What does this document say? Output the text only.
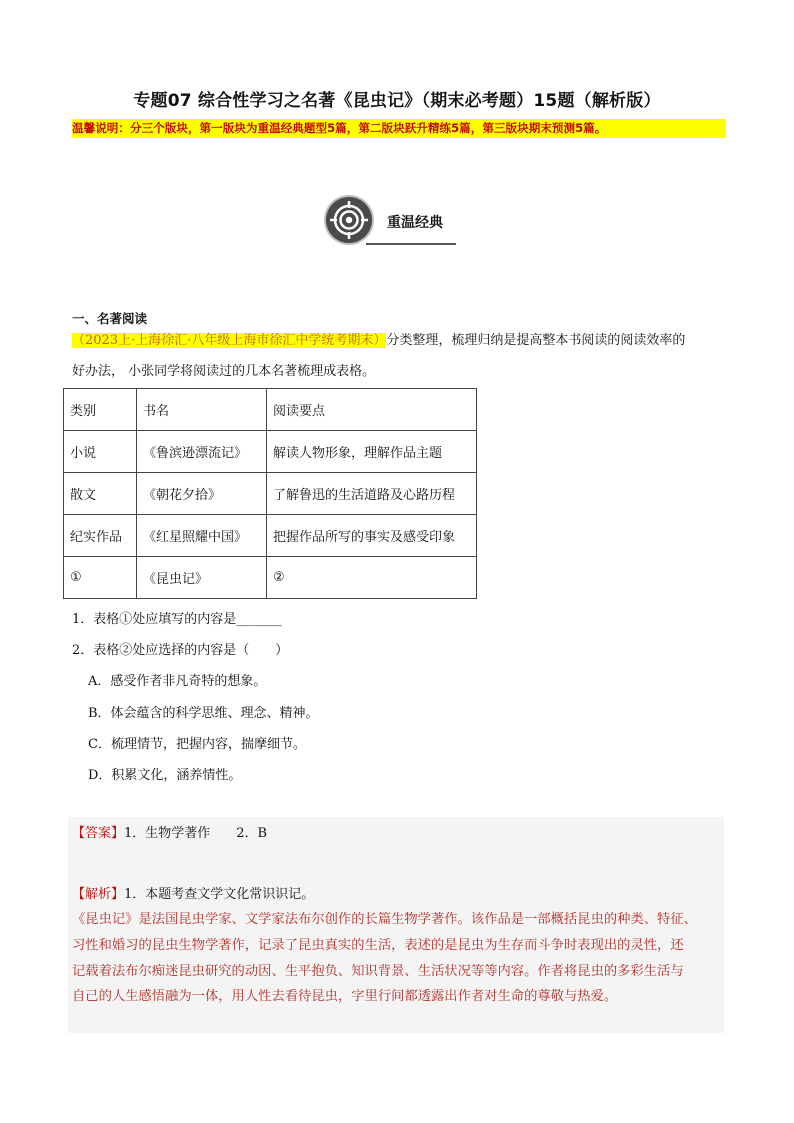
专题07 综合性学习之名著《昆虫记》（期末必考题）15题（解析版）
温馨说明：分三个版块，第一版块为重温经典题型5篇，第二版块跃升精练5篇，第三版块期末预测5篇。
重温经典
一、名著阅读
（2023上·上海徐汇·八年级上海市徐汇中学统考期末）分类整理，梳理归纳是提高整本书阅读的阅读效率的
好办法， 小张同学将阅读过的几本名著梳理成表格。
类别	书名	阅读要点
小说	《鲁滨逊漂流记》	解读人物形象，理解作品主题
散文	《朝花夕拾》	了解鲁迅的生活道路及心路历程
纪实作品	《红星照耀中国》	把握作品所写的事实及感受印象
①	《昆虫记》	②
1．表格①处应填写的内容是_______
2．表格②处应选择的内容是（　　）
A．感受作者非凡奇特的想象。
B．体会蕴含的科学思维、理念、精神。
C．梳理情节，把握内容，揣摩细节。
D．积累文化，涵养情性。
【答案】1．生物学著作　　2．B
【解析】1．本题考查文学文化常识识记。
《昆虫记》是法国昆虫学家、文学家法布尔创作的长篇生物学著作。该作品是一部概括昆虫的种类、特征、
习性和婚习的昆虫生物学著作，记录了昆虫真实的生活，表述的是昆虫为生存而斗争时表现出的灵性，还
记载着法布尔痴迷昆虫研究的动因、生平抱负、知识背景、生活状况等等内容。作者将昆虫的多彩生活与
自己的人生感悟融为一体，用人性去看待昆虫，字里行间都透露出作者对生命的尊敬与热爱。
